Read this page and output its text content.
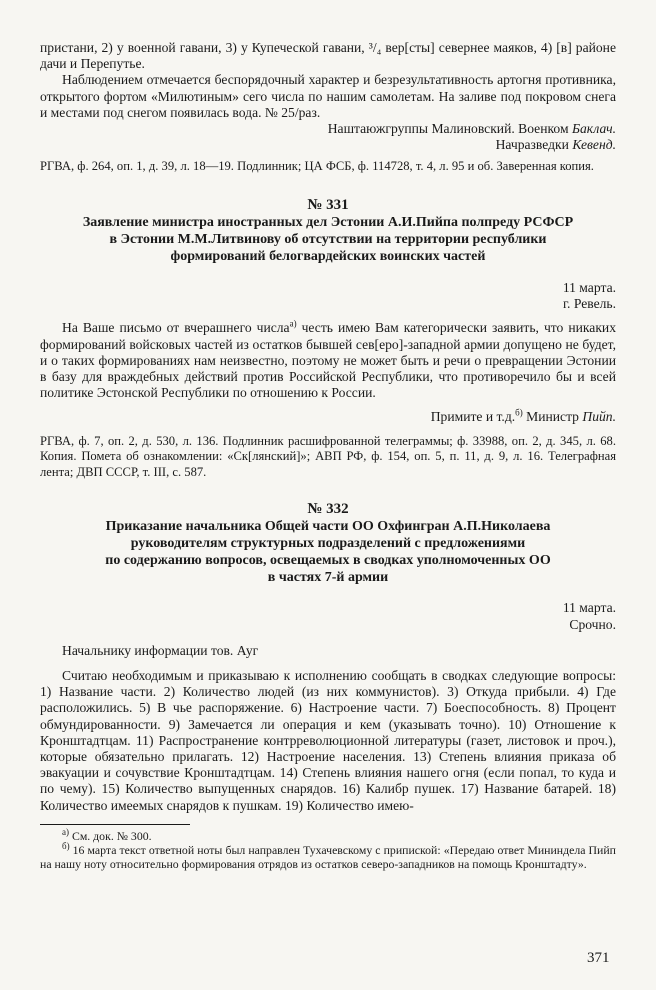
пристани, 2) у военной гавани, 3) у Купеческой гавани, ³/₄ вер[сты] севернее маяков, 4) [в] районе дачи и Перепутье.

Наблюдением отмечается беспорядочный характер и безрезультативность артогня противника, открытого фортом «Милютиным» сего числа по нашим самолетам. На заливе под покровом снега и местами под снегом появилась вода. № 25/раз.

Наштаюжгруппы Малиновский. Военком Баклач.

Начразведки Кевенд.

РГВА, ф. 264, оп. 1, д. 39, л. 18—19. Подлинник; ЦА ФСБ, ф. 114728, т. 4, л. 95 и об. Заверенная копия.

№ 331

Заявление министра иностранных дел Эстонии А.И.Пийпа полпреду РСФСР

в Эстонии М.М.Литвинову об отсутствии на территории республики

формирований белогвардейских воинских частей

11 марта.

г. Ревель.

На Ваше письмо от вчерашнего числа$^{а)}$ честь имею Вам категорически заявить, что никаких формирований войсковых частей из остатков бывшей сев[еро]-западной армии допущено не будет, и о таких формированиях нам неизвестно, поэтому не может быть и речи о превращении Эстонии в базу для враждебных действий против Российской Республики, что противоречило бы и всей политике Эстонской Республики по отношению к России.

Примите и т.д.$^{б)}$ Министр Пийп.

РГВА, ф. 7, оп. 2, д. 530, л. 136. Подлинник расшифрованной телеграммы; ф. 33988, оп. 2, д. 345, л. 68. Копия. Помета об ознакомлении: «Ск[лянский]»; АВП РФ, ф. 154, оп. 5, п. 11, д. 9, л. 16. Телеграфная лента; ДВП СССР, т. III, с. 587.

№ 332

Приказание начальника Общей части ОО Охфингран А.П.Николаева

руководителям структурных подразделений с предложениями

по содержанию вопросов, освещаемых в сводках уполномоченных ОО

в частях 7-й армии

11 марта.

Срочно.

Начальнику информации тов. Ауг

Считаю необходимым и приказываю к исполнению сообщать в сводках следующие вопросы: 1) Название части. 2) Количество людей (из них коммунистов). 3) Откуда прибыли. 4) Где расположились. 5) В чье распоряжение. 6) Настроение части. 7) Боеспособность. 8) Процент обмундированности. 9) Замечается ли операция и кем (указывать точно). 10) Отношение к Кронштадтцам. 11) Распространение контрреволюционной литературы (газет, листовок и проч.), которые обязательно прилагать. 12) Настроение населения. 13) Степень влияния приказа об эвакуации и сочувствие Кронштадтцам. 14) Степень влияния нашего огня (если попал, то куда и по чему). 15) Количество выпущенных снарядов. 16) Калибр пушек. 17) Название батарей. 18) Количество имеемых снарядов к пушкам. 19) Количество имею-

$^{а)}$ См. док. № 300.

$^{б)}$ 16 марта текст ответной ноты был направлен Тухачевскому с припиской: «Передаю ответ Мининдела Пийп на нашу ноту относительно формирования отрядов из остатков северо-западников на помощь Кронштадту».

371
